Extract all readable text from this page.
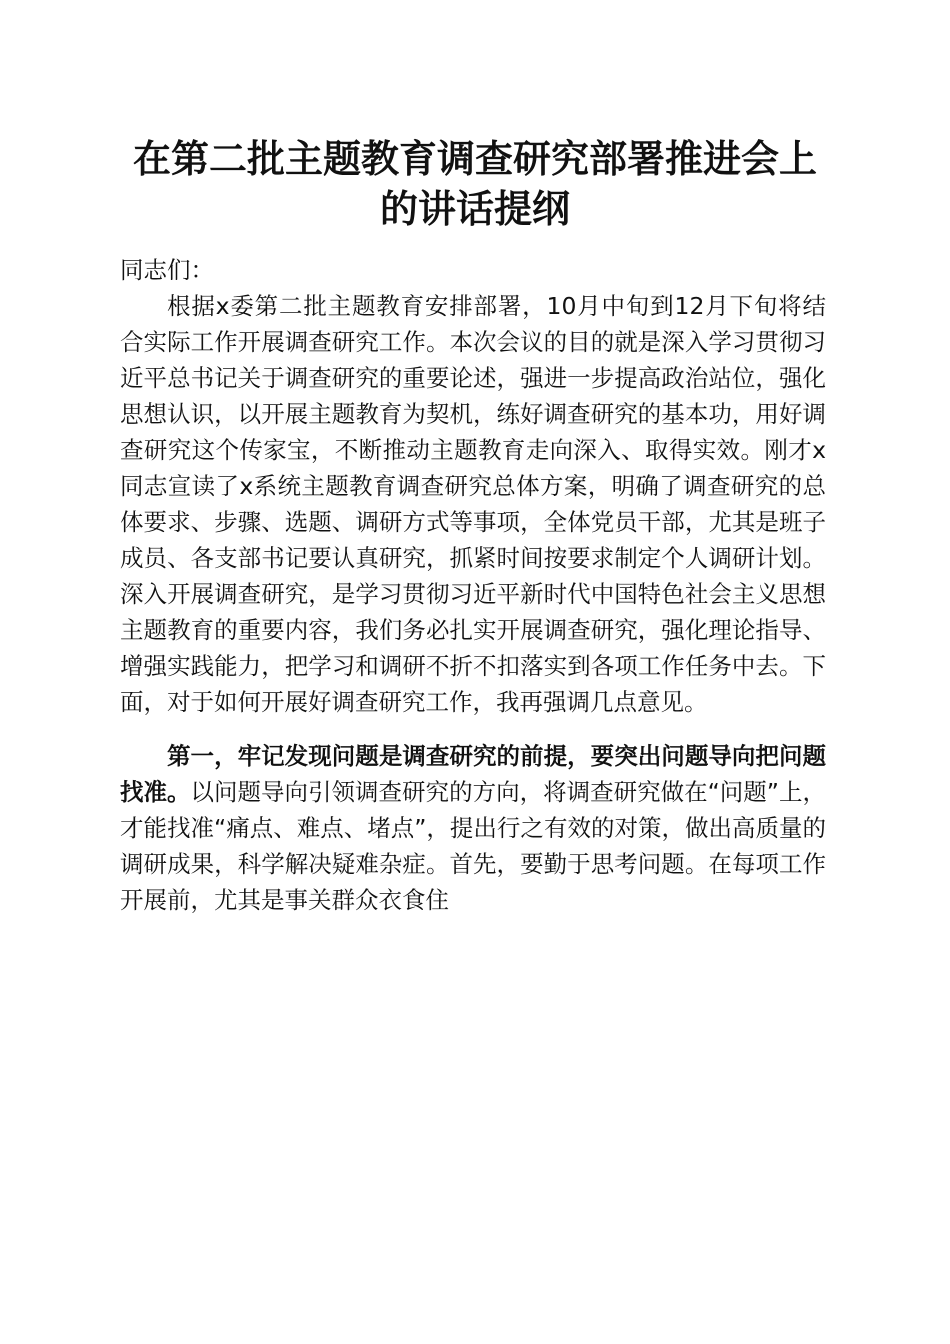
在第二批主题教育调查研究部署推进会上的讲话提纲

同志们：

根据x委第二批主题教育安排部署，10月中旬到12月下旬将结合实际工作开展调查研究工作。本次会议的目的就是深入学习贯彻习近平总书记关于调查研究的重要论述，强进一步提高政治站位，强化思想认识，以开展主题教育为契机，练好调查研究的基本功，用好调查研究这个传家宝，不断推动主题教育走向深入、取得实效。刚才x同志宣读了x系统主题教育调查研究总体方案，明确了调查研究的总体要求、步骤、选题、调研方式等事项，全体党员干部，尤其是班子成员、各支部书记要认真研究，抓紧时间按要求制定个人调研计划。深入开展调查研究，是学习贯彻习近平新时代中国特色社会主义思想主题教育的重要内容，我们务必扎实开展调查研究，强化理论指导、增强实践能力，把学习和调研不折不扣落实到各项工作任务中去。下面，对于如何开展好调查研究工作，我再强调几点意见。

第一，牢记发现问题是调查研究的前提，要突出问题导向把问题找准。以问题导向引领调查研究的方向，将调查研究做在“问题”上，才能找准“痛点、难点、堵点”，提出行之有效的对策，做出高质量的调研成果，科学解决疑难杂症。首先，要勤于思考问题。在每项工作开展前，尤其是事关群众衣食住
